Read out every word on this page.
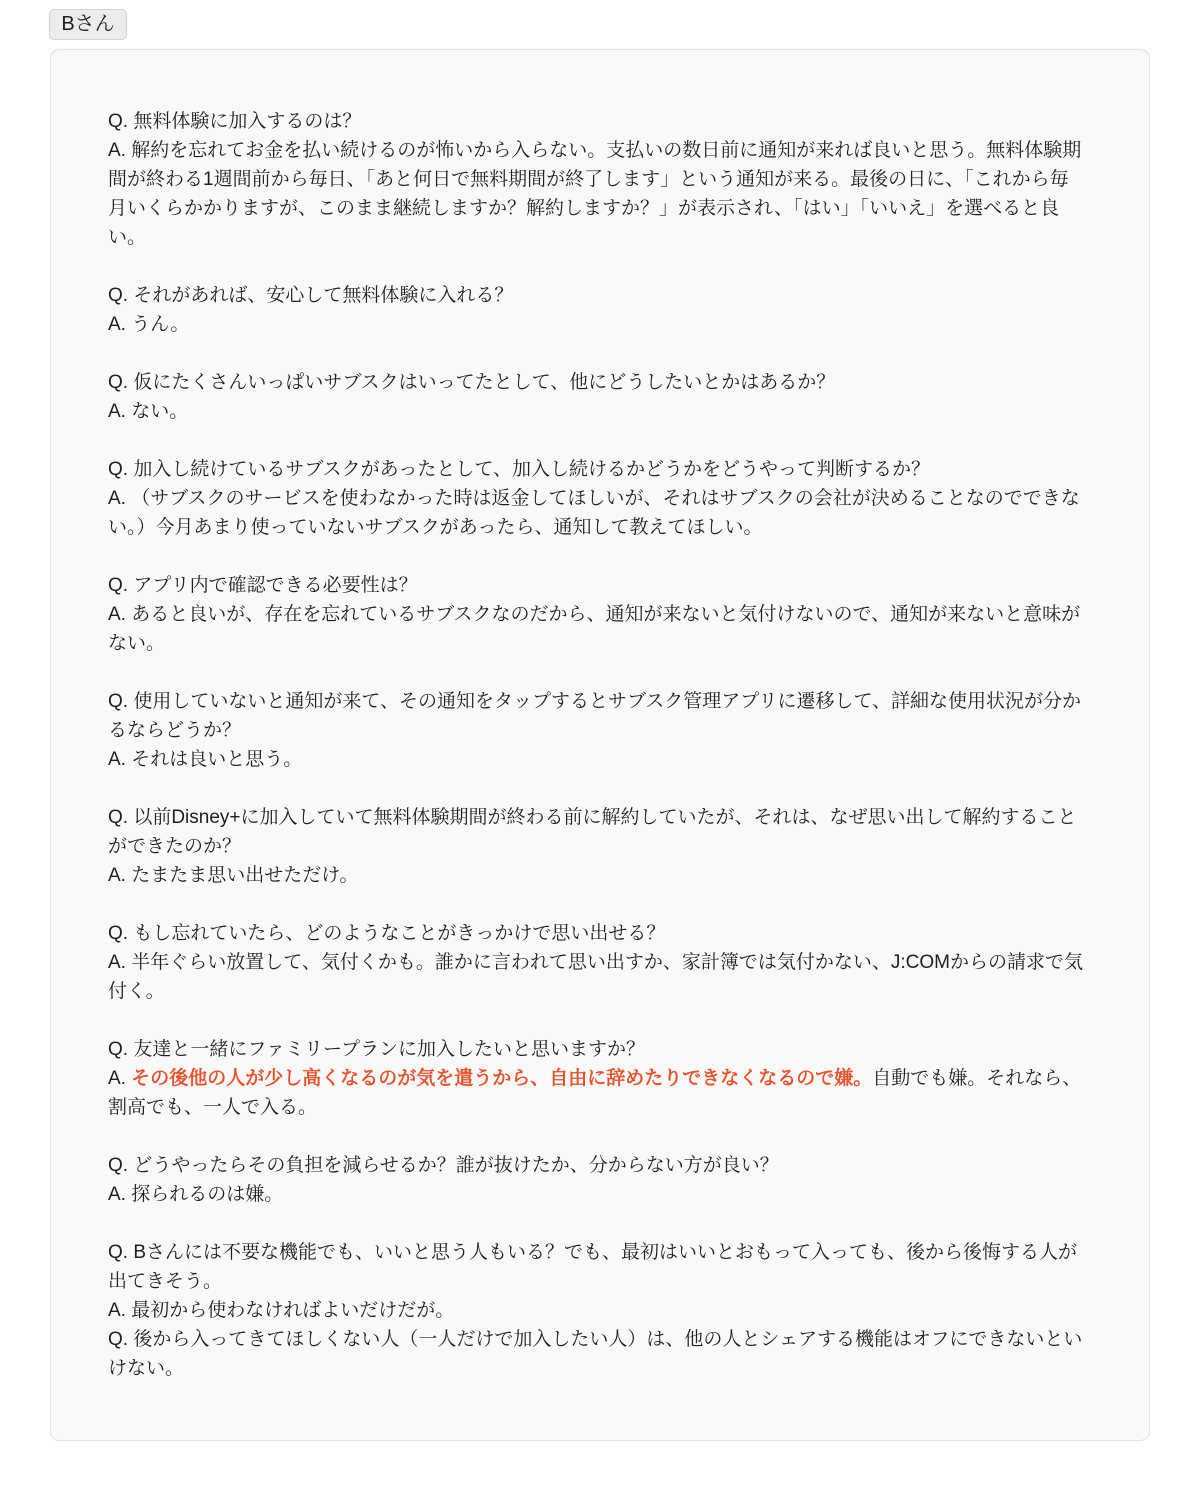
Bさん
Q. 無料体験に加入するのは？
A. 解約を忘れてお金を払い続けるのが怖いから入らない。支払いの数日前に通知が来れば良いと思う。無料体験期
間が終わる1週間前から毎日、「あと何日で無料期間が終了します」という通知が来る。最後の日に、「これから毎
月いくらかかりますが、このまま継続しますか？解約しますか？」が表示され、「はい」「いいえ」を選べると良
い。
Q. それがあれば、安心して無料体験に入れる？
A. うん。
Q. 仮にたくさんいっぱいサブスクはいってたとして、他にどうしたいとかはあるか？
A. ない。
Q. 加入し続けているサブスクがあったとして、加入し続けるかどうかをどうやって判断するか？
A. （サブスクのサービスを使わなかった時は返金してほしいが、それはサブスクの会社が決めることなのでできな
い。）今月あまり使っていないサブスクがあったら、通知して教えてほしい。
Q. アプリ内で確認できる必要性は？
A. あると良いが、存在を忘れているサブスクなのだから、通知が来ないと気付けないので、通知が来ないと意味が
ない。
Q. 使用していないと通知が来て、その通知をタップするとサブスク管理アプリに遷移して、詳細な使用状況が分か
るならどうか？
A. それは良いと思う。
Q. 以前Disney+に加入していて無料体験期間が終わる前に解約していたが、それは、なぜ思い出して解約すること
ができたのか？
A. たまたま思い出せただけ。
Q. もし忘れていたら、どのようなことがきっかけで思い出せる？
A. 半年ぐらい放置して、気付くかも。誰かに言われて思い出すか、家計簿では気付かない、J:COMからの請求で気
付く。
Q. 友達と一緒にファミリープランに加入したいと思いますか？
A. その後他の人が少し高くなるのが気を遣うから、自由に辞めたりできなくなるので嫌。自動でも嫌。それなら、
割高でも、一人で入る。
Q. どうやったらその負担を減らせるか？誰が抜けたか、分からない方が良い？
A. 探られるのは嫌。
Q. Bさんには不要な機能でも、いいと思う人もいる？でも、最初はいいとおもって入っても、後から後悔する人が
出てきそう。
A. 最初から使わなければよいだけだが。
Q. 後から入ってきてほしくない人（一人だけで加入したい人）は、他の人とシェアする機能はオフにできないとい
けない。
